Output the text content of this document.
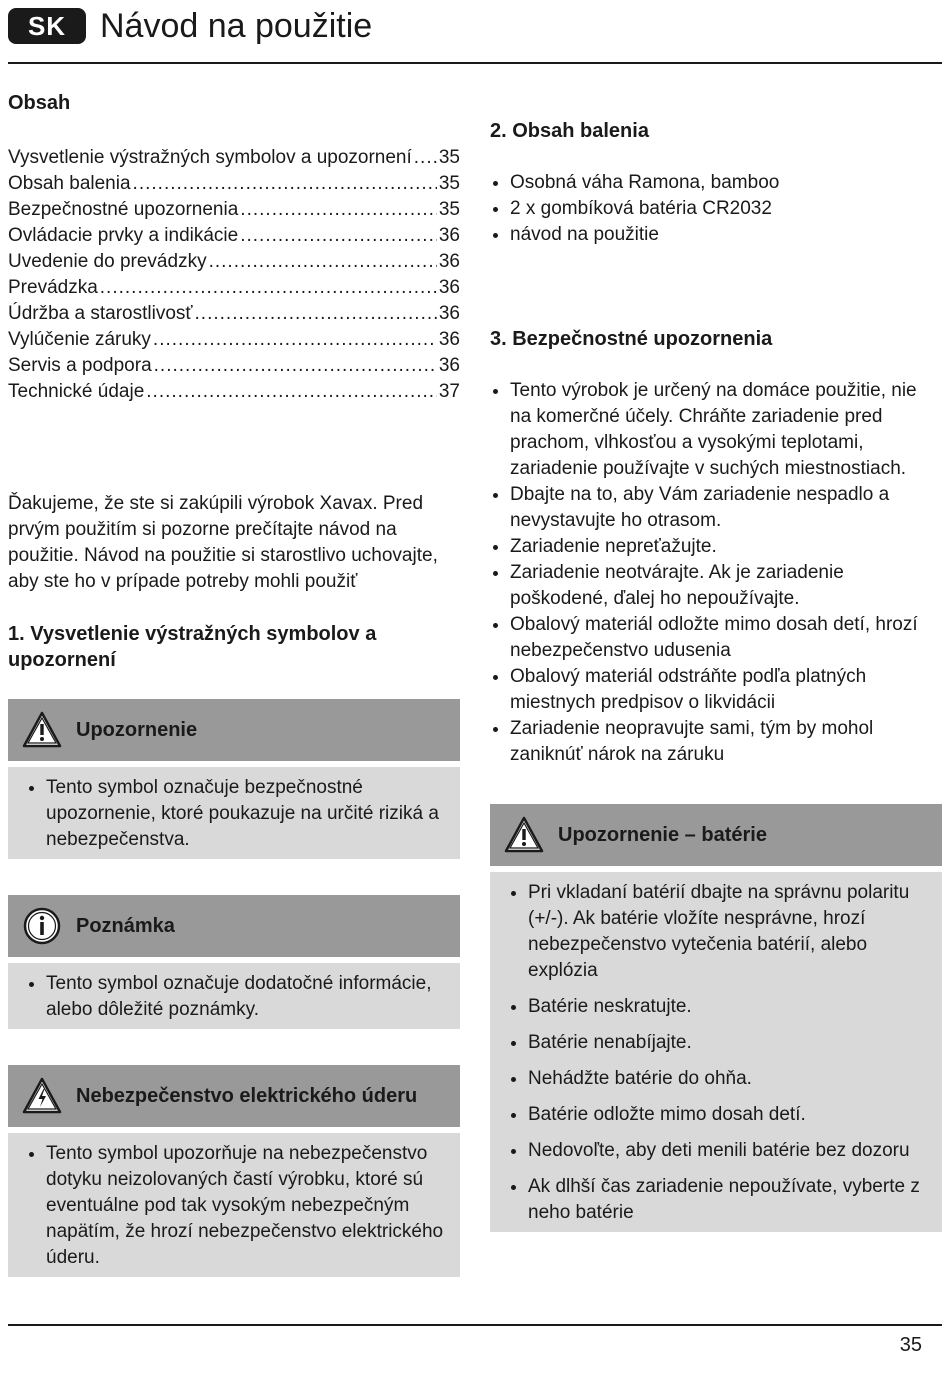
SK Návod na použitie
Obsah
Vysvetlenie výstražných symbolov a upozornení ..... 35
Obsah balenia .....	35
Bezpečnostné upozornenia .....	35
Ovládacie prvky a indikácie .....	36
Uvedenie do prevádzky .....	36
Prevádzka .....	36
Údržba a starostlivosť .....	36
Vylúčenie záruky .....	36
Servis a podpora .....	36
Technické údaje .....	37

Ďakujeme, že ste si zakúpili výrobok Xavax. Pred prvým použitím si pozorne prečítajte návod na použitie. Návod na použitie si starostlivo uchovajte, aby ste ho v prípade potreby mohli použiť

1. Vysvetlenie výstražných symbolov a upozornení
Upozornenie
• Tento symbol označuje bezpečnostné upozornenie, ktoré poukazuje na určité riziká a nebezpečenstva.
Poznámka
• Tento symbol označuje dodatočné informácie, alebo dôležité poznámky.
Nebezpečenstvo elektrického úderu
• Tento symbol upozorňuje na nebezpečenstvo dotyku neizolovaných častí výrobku, ktoré sú eventuálne pod tak vysokým nebezpečným napätím, že hrozí nebezpečenstvo elektrického úderu.
2. Obsah balenia
• Osobná váha Ramona, bamboo
• 2 x gombíková batéria CR2032
• návod na použitie
3. Bezpečnostné upozornenia
• Tento výrobok je určený na domáce použitie, nie na komerčné účely. Chráňte zariadenie pred prachom, vlhkosťou a vysokými teplotami, zariadenie používajte v suchých miestnostiach.
• Dbajte na to, aby Vám zariadenie nespadlo a nevystavujte ho otrasom.
• Zariadenie nepreťažujte.
• Zariadenie neotvárajte. Ak je zariadenie poškodené, ďalej ho nepoužívajte.
• Obalový materiál odložte mimo dosah detí, hrozí nebezpečenstvo udusenia
• Obalový materiál odstráňte podľa platných miestnych predpisov o likvidácii
• Zariadenie neopravujte sami, tým by mohol zaniknúť nárok na záruku
Upozornenie – batérie
• Pri vkladaní batérií dbajte na správnu polaritu (+/-). Ak batérie vložíte nesprávne, hrozí nebezpečenstvo vytečenia batérií, alebo explózia
• Batérie neskratujte.
• Batérie nenabíjajte.
• Nehádžte batérie do ohňa.
• Batérie odložte mimo dosah detí.
• Nedovoľte, aby deti menili batérie bez dozoru
• Ak dlhší čas zariadenie nepoužívate, vyberte z neho batérie
35
